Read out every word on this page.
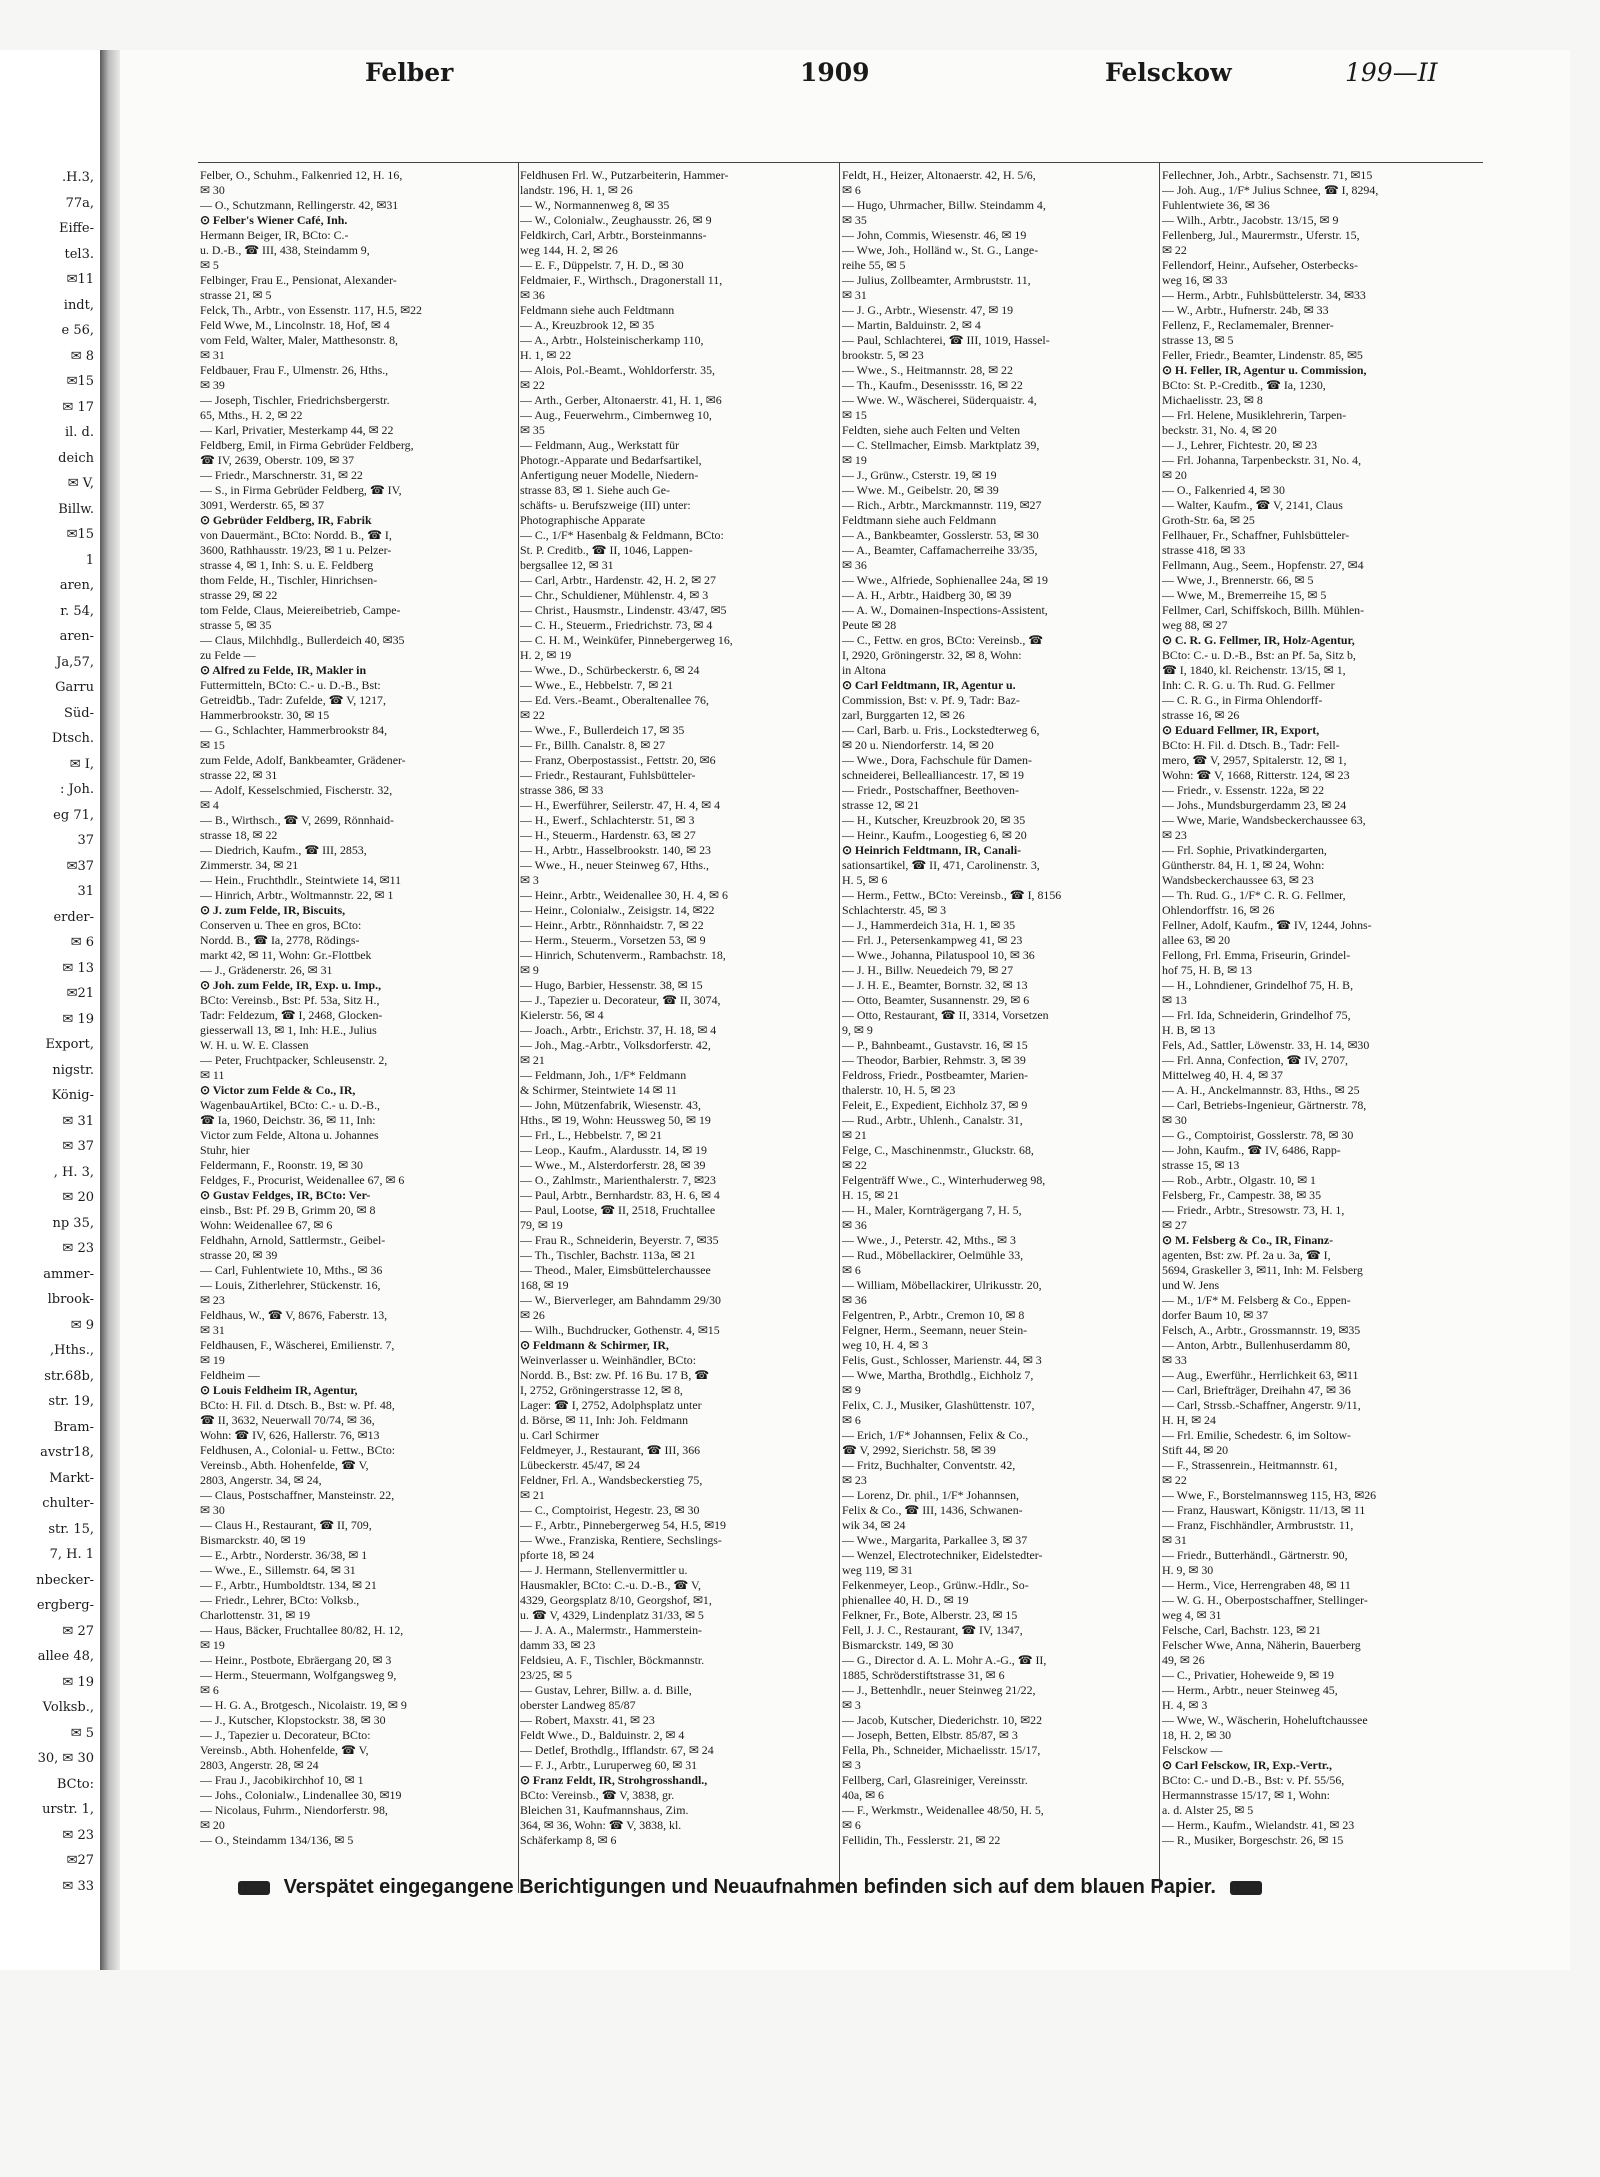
.H.3,
77a,
Eiffe-
tel3.
✉11
indt,
e 56,
✉ 8
✉15
✉ 17
il. d.
deich
✉ V,
Billw.
✉15
1
aren,
r. 54,
aren-
Ja,57,
Garru
Süd-
Dtsch.
✉ I,
: Joh.
eg 71,
37
✉37
31
erder-
✉ 6
✉ 13
✉21
✉ 19
Export,
nigstr.
König-
✉ 31
✉ 37
, H. 3,
✉ 20
np 35,
✉ 23
ammer-
lbrook-
✉ 9
,Hths.,
str.68b,
str. 19,
Bram-
avstr18,
Markt-
chulter-
str. 15,
7, H. 1
nbecker-
ergberg-
✉ 27
allee 48,
✉ 19
Volksb.,
✉ 5
30, ✉ 30
BCto:
urstr. 1,
✉ 23
✉27
✉ 33
Felber	1909	Felsckow	199—II
Felber, O., Schuhm., Falkenried 12, H. 16,
✉ 30
— O., Schutzmann, Rellingerstr. 42, ✉31
⊙ Felber's Wiener Café, Inh.
Hermann Beiger, IR, BCto: C.-
u. D.-B., ☎ III, 438, Steindamm 9,
✉ 5
Felbinger, Frau E., Pensionat, Alexander-
strasse 21, ✉ 5
Felck, Th., Arbtr., von Essenstr. 117, H.5, ✉22
Feld Wwe, M., Lincolnstr. 18, Hof, ✉ 4
vom Feld, Walter, Maler, Matthesonstr. 8,
✉ 31
Feldbauer, Frau F., Ulmenstr. 26, Hths.,
✉ 39
— Joseph, Tischler, Friedrichsbergerstr.
65, Mths., H. 2, ✉ 22
— Karl, Privatier, Mesterkamp 44, ✉ 22
Feldberg, Emil, in Firma Gebrüder Feldberg,
☎ IV, 2639, Oberstr. 109, ✉ 37
— Friedr., Marschnerstr. 31, ✉ 22
— S., in Firma Gebrüder Feldberg, ☎ IV,
3091, Werderstr. 65, ✉ 37
⊙ Gebrüder Feldberg, IR, Fabrik
von Dauermänt., BCto: Nordd. B., ☎ I,
3600, Rathhausstr. 19/23, ✉ 1 u. Pelzer-
strasse 4, ✉ 1, Inh: S. u. E. Feldberg
thom Felde, H., Tischler, Hinrichsen-
strasse 29, ✉ 22
tom Felde, Claus, Meiereibetrieb, Campe-
strasse 5, ✉ 35
— Claus, Milchhdlg., Bullerdeich 40, ✉35
zu Felde —
⊙ Alfred zu Felde, IR, Makler in
Futtermitteln, BCto: C.- u. D.-B., Bst:
Getreidեb., Tadr: Zufelde, ☎ V, 1217,
Hammerbrookstr. 30, ✉ 15
— G., Schlachter, Hammerbrookstr 84,
✉ 15
zum Felde, Adolf, Bankbeamter, Grädener-
strasse 22, ✉ 31
— Adolf, Kesselschmied, Fischerstr. 32,
✉ 4
— B., Wirthsch., ☎ V, 2699, Rönnhaid-
strasse 18, ✉ 22
— Diedrich, Kaufm., ☎ III, 2853,
Zimmerstr. 34, ✉ 21
— Hein., Fruchthdlr., Steintwiete 14, ✉11
— Hinrich, Arbtr., Woltmannstr. 22, ✉ 1
⊙ J. zum Felde, IR, Biscuits,
Conserven u. Thee en gros, BCto:
Nordd. B., ☎ Ia, 2778, Rödings-
markt 42, ✉ 11, Wohn: Gr.-Flottbek
— J., Grädenerstr. 26, ✉ 31
⊙ Joh. zum Felde, IR, Exp. u. Imp.,
BCto: Vereinsb., Bst: Pf. 53a, Sitz H.,
Tadr: Feldezum, ☎ I, 2468, Glocken-
giesserwall 13, ✉ 1, Inh: H.E., Julius
W. H. u. W. E. Classen
— Peter, Fruchtpacker, Schleusenstr. 2,
✉ 11
⊙ Victor zum Felde & Co., IR,
WagenbauArtikel, BCto: C.- u. D.-B.,
☎ Ia, 1960, Deichstr. 36, ✉ 11, Inh:
Victor zum Felde, Altona u. Johannes
Stuhr, hier
Feldermann, F., Roonstr. 19, ✉ 30
Feldges, F., Procurist, Weidenallee 67, ✉ 6
⊙ Gustav Feldges, IR, BCto: Ver-
einsb., Bst: Pf. 29 B, Grimm 20, ✉ 8
Wohn: Weidenallee 67, ✉ 6
Feldhahn, Arnold, Sattlermstr., Geibel-
strasse 20, ✉ 39
— Carl, Fuhlentwiete 10, Mths., ✉ 36
— Louis, Zitherlehrer, Stückenstr. 16,
✉ 23
Feldhaus, W., ☎ V, 8676, Faberstr. 13,
✉ 31
Feldhausen, F., Wäscherei, Emilienstr. 7,
✉ 19
Feldheim —
⊙ Louis Feldheim IR, Agentur,
BCto: H. Fil. d. Dtsch. B., Bst: w. Pf. 48,
☎ II, 3632, Neuerwall 70/74, ✉ 36,
Wohn: ☎ IV, 626, Hallerstr. 76, ✉13
Feldhusen, A., Colonial- u. Fettw., BCto:
Vereinsb., Abth. Hohenfelde, ☎ V,
2803, Angerstr. 34, ✉ 24,
— Claus, Postschaffner, Mansteinstr. 22,
✉ 30
— Claus H., Restaurant, ☎ II, 709,
Bismarckstr. 40, ✉ 19
— E., Arbtr., Norderstr. 36/38, ✉ 1
— Wwe., E., Sillemstr. 64, ✉ 31
— F., Arbtr., Humboldtstr. 134, ✉ 21
— Friedr., Lehrer, BCto: Volksb.,
Charlottenstr. 31, ✉ 19
— Haus, Bäcker, Fruchtallee 80/82, H. 12,
✉ 19
— Heinr., Postbote, Ebräergang 20, ✉ 3
— Herm., Steuermann, Wolfgangsweg 9,
✉ 6
— H. G. A., Brotgesch., Nicolaistr. 19, ✉ 9
— J., Kutscher, Klopstockstr. 38, ✉ 30
— J., Tapezier u. Decorateur, BCto:
Vereinsb., Abth. Hohenfelde, ☎ V,
2803, Angerstr. 28, ✉ 24
— Frau J., Jacobikirchhof 10, ✉ 1
— Johs., Colonialw., Lindenallee 30, ✉19
— Nicolaus, Fuhrm., Niendorferstr. 98,
✉ 20
— O., Steindamm 134/136, ✉ 5
Feldhusen Frl. W., Putzarbeiterin, Hammer-
landstr. 196, H. 1, ✉ 26
— W., Normannenweg 8, ✉ 35
— W., Colonialw., Zeughausstr. 26, ✉ 9
Feldkirch, Carl, Arbtr., Borsteinmanns-
weg 144, H. 2, ✉ 26
— E. F., Düppelstr. 7, H. D., ✉ 30
Feldmaier, F., Wirthsch., Dragonerstall 11,
✉ 36
Feldmann siehe auch Feldtmann
— A., Kreuzbrook 12, ✉ 35
— A., Arbtr., Holsteinischerkamp 110,
H. 1, ✉ 22
— Alois, Pol.-Beamt., Wohldorferstr. 35,
✉ 22
— Arth., Gerber, Altonaerstr. 41, H. 1, ✉6
— Aug., Feuerwehrm., Cimbernweg 10,
✉ 35
— Feldmann, Aug., Werkstatt für
Photogr.-Apparate und Bedarfsartikel,
Anfertigung neuer Modelle, Niedern-
strasse 83, ✉ 1. Siehe auch Ge-
schäfts- u. Berufszweige (III) unter:
Photographische Apparate
— C., 1/F* Hasenbalg & Feldmann, BCto:
St. P. Creditb., ☎ II, 1046, Lappen-
bergsallee 12, ✉ 31
— Carl, Arbtr., Hardenstr. 42, H. 2, ✉ 27
— Chr., Schuldiener, Mühlenstr. 4, ✉ 3
— Christ., Hausmstr., Lindenstr. 43/47, ✉5
— C. H., Steuerm., Friedrichstr. 73, ✉ 4
— C. H. M., Weinküfer, Pinnebergerweg 16,
H. 2, ✉ 19
— Wwe., D., Schürbeckerstr. 6, ✉ 24
— Wwe., E., Hebbelstr. 7, ✉ 21
— Ed. Vers.-Beamt., Oberaltenallee 76,
✉ 22
— Wwe., F., Bullerdeich 17, ✉ 35
— Fr., Billh. Canalstr. 8, ✉ 27
— Franz, Oberpostassist., Fettstr. 20, ✉6
— Friedr., Restaurant, Fuhlsbütteler-
strasse 386, ✉ 33
— H., Ewerführer, Seilerstr. 47, H. 4, ✉ 4
— H., Ewerf., Schlachterstr. 51, ✉ 3
— H., Steuerm., Hardenstr. 63, ✉ 27
— H., Arbtr., Hasselbrookstr. 140, ✉ 23
— Wwe., H., neuer Steinweg 67, Hths.,
✉ 3
— Heinr., Arbtr., Weidenallee 30, H. 4, ✉ 6
— Heinr., Colonialw., Zeisigstr. 14, ✉22
— Heinr., Arbtr., Rönnhaidstr. 7, ✉ 22
— Herm., Steuerm., Vorsetzen 53, ✉ 9
— Hinrich, Schutenverm., Rambachstr. 18,
✉ 9
— Hugo, Barbier, Hessenstr. 38, ✉ 15
— J., Tapezier u. Decorateur, ☎ II, 3074,
Kielerstr. 56, ✉ 4
— Joach., Arbtr., Erichstr. 37, H. 18, ✉ 4
— Joh., Mag.-Arbtr., Volksdorferstr. 42,
✉ 21
— Feldmann, Joh., 1/F* Feldmann
& Schirmer, Steintwiete 14 ✉ 11
— John, Mützenfabrik, Wiesenstr. 43,
Hths., ✉ 19, Wohn: Heussweg 50, ✉ 19
— Frl., L., Hebbelstr. 7, ✉ 21
— Leop., Kaufm., Alardusstr. 14, ✉ 19
— Wwe., M., Alsterdorferstr. 28, ✉ 39
— O., Zahlmstr., Marienthalerstr. 7, ✉23
— Paul, Arbtr., Bernhardstr. 83, H. 6, ✉ 4
— Paul, Lootse, ☎ II, 2518, Fruchtallee
79, ✉ 19
— Frau R., Schneiderin, Beyerstr. 7, ✉35
— Th., Tischler, Bachstr. 113a, ✉ 21
— Theod., Maler, Eimsbüttelerchaussee
168, ✉ 19
— W., Bierverleger, am Bahndamm 29/30
✉ 26
— Wilh., Buchdrucker, Gothenstr. 4, ✉15
⊙ Feldmann & Schirmer, IR,
Weinverlasser u. Weinhändler, BCto:
Nordd. B., Bst: zw. Pf. 16 Bu. 17 B, ☎
I, 2752, Gröningerstrasse 12, ✉ 8,
Lager: ☎ I, 2752, Adolphsplatz unter
d. Börse, ✉ 11, Inh: Joh. Feldmann
u. Carl Schirmer
Feldmeyer, J., Restaurant, ☎ III, 366
Lübeckerstr. 45/47, ✉ 24
Feldner, Frl. A., Wandsbeckerstieg 75,
✉ 21
— C., Comptoirist, Hegestr. 23, ✉ 30
— F., Arbtr., Pinnebergerweg 54, H.5, ✉19
— Wwe., Franziska, Rentiere, Sechslings-
pforte 18, ✉ 24
— J. Hermann, Stellenvermittler u.
Hausmakler, BCto: C.-u. D.-B., ☎ V,
4329, Georgsplatz 8/10, Georgshof, ✉1,
u. ☎ V, 4329, Lindenplatz 31/33, ✉ 5
— J. A. A., Malermstr., Hammerstein-
damm 33, ✉ 23
Feldsieu, A. F., Tischler, Böckmannstr.
23/25, ✉ 5
— Gustav, Lehrer, Billw. a. d. Bille,
oberster Landweg 85/87
— Robert, Maxstr. 41, ✉ 23
Feldt Wwe., D., Balduinstr. 2, ✉ 4
— Detlef, Brothdlg., Ifflandstr. 67, ✉ 24
— F. J., Arbtr., Luruperweg 60, ✉ 31
⊙ Franz Feldt, IR, Strohgrosshandl.,
BCto: Vereinsb., ☎ V, 3838, gr.
Bleichen 31, Kaufmannshaus, Zim.
364, ✉ 36, Wohn: ☎ V, 3838, kl.
Schäferkamp 8, ✉ 6
Feldt, H., Heizer, Altonaerstr. 42, H. 5/6,
✉ 6
— Hugo, Uhrmacher, Billw. Steindamm 4,
✉ 35
— John, Commis, Wiesenstr. 46, ✉ 19
— Wwe, Joh., Holländ w., St. G., Lange-
reihe 55, ✉ 5
— Julius, Zollbeamter, Armbruststr. 11,
✉ 31
— J. G., Arbtr., Wiesenstr. 47, ✉ 19
— Martin, Balduinstr. 2, ✉ 4
— Paul, Schlachterei, ☎ III, 1019, Hassel-
brookstr. 5, ✉ 23
— Wwe., S., Heitmannstr. 28, ✉ 22
— Th., Kaufm., Desenissstr. 16, ✉ 22
— Wwe. W., Wäscherei, Süderquaistr. 4,
✉ 15
Feldten, siehe auch Felten und Velten
— C. Stellmacher, Eimsb. Marktplatz 39,
✉ 19
— J., Grünw., Csterstr. 19, ✉ 19
— Wwe. M., Geibelstr. 20, ✉ 39
— Rich., Arbtr., Marckmannstr. 119, ✉27
Feldtmann siehe auch Feldmann
— A., Bankbeamter, Gosslerstr. 53, ✉ 30
— A., Beamter, Caffamacherreihe 33/35,
✉ 36
— Wwe., Alfriede, Sophienallee 24a, ✉ 19
— A. H., Arbtr., Haidberg 30, ✉ 39
— A. W., Domainen-Inspections-Assistent,
Peute ✉ 28
— C., Fettw. en gros, BCto: Vereinsb., ☎
I, 2920, Gröningerstr. 32, ✉ 8, Wohn:
in Altona
⊙ Carl Feldtmann, IR, Agentur u.
Commission, Bst: v. Pf. 9, Tadr: Baz-
zarl, Burggarten 12, ✉ 26
— Carl, Barb. u. Fris., Lockstedterweg 6,
✉ 20 u. Niendorferstr. 14, ✉ 20
— Wwe., Dora, Fachschule für Damen-
schneiderei, Bellealliancestr. 17, ✉ 19
— Friedr., Postschaffner, Beethoven-
strasse 12, ✉ 21
— H., Kutscher, Kreuzbrook 20, ✉ 35
— Heinr., Kaufm., Loogestieg 6, ✉ 20
⊙ Heinrich Feldtmann, IR, Canali-
sationsartikel, ☎ II, 471, Carolinenstr. 3,
H. 5, ✉ 6
— Herm., Fettw., BCto: Vereinsb., ☎ I, 8156
Schlachterstr. 45, ✉ 3
— J., Hammerdeich 31a, H. 1, ✉ 35
— Frl. J., Petersenkampweg 41, ✉ 23
— Wwe., Johanna, Pilatuspool 10, ✉ 36
— J. H., Billw. Neuedeich 79, ✉ 27
— J. H. E., Beamter, Bornstr. 32, ✉ 13
— Otto, Beamter, Susannenstr. 29, ✉ 6
— Otto, Restaurant, ☎ II, 3314, Vorsetzen
9, ✉ 9
— P., Bahnbeamt., Gustavstr. 16, ✉ 15
— Theodor, Barbier, Rehmstr. 3, ✉ 39
Feldross, Friedr., Postbeamter, Marien-
thalerstr. 10, H. 5, ✉ 23
Feleit, E., Expedient, Eichholz 37, ✉ 9
— Rud., Arbtr., Uhlenh., Canalstr. 31,
✉ 21
Felge, C., Maschinenmstr., Gluckstr. 68,
✉ 22
Felgenträff Wwe., C., Winterhuderweg 98,
H. 15, ✉ 21
— H., Maler, Kornträgergang 7, H. 5,
✉ 36
— Wwe., J., Peterstr. 42, Mths., ✉ 3
— Rud., Möbellackirer, Oelmühle 33,
✉ 6
— William, Möbellackirer, Ulrikusstr. 20,
✉ 36
Felgentren, P., Arbtr., Cremon 10, ✉ 8
Felgner, Herm., Seemann, neuer Stein-
weg 10, H. 4, ✉ 3
Felis, Gust., Schlosser, Marienstr. 44, ✉ 3
— Wwe, Martha, Brothdlg., Eichholz 7,
✉ 9
Felix, C. J., Musiker, Glashüttenstr. 107,
✉ 6
— Erich, 1/F* Johannsen, Felix & Co.,
☎ V, 2992, Sierichstr. 58, ✉ 39
— Fritz, Buchhalter, Conventstr. 42,
✉ 23
— Lorenz, Dr. phil., 1/F* Johannsen,
Felix & Co., ☎ III, 1436, Schwanen-
wik 34, ✉ 24
— Wwe., Margarita, Parkallee 3, ✉ 37
— Wenzel, Electrotechniker, Eidelstedter-
weg 119, ✉ 31
Felkenmeyer, Leop., Grünw.-Hdlr., So-
phienallee 40, H. D., ✉ 19
Felkner, Fr., Bote, Alberstr. 23, ✉ 15
Fell, J. J. C., Restaurant, ☎ IV, 1347,
Bismarckstr. 149, ✉ 30
— G., Director d. A. L. Mohr A.-G., ☎ II,
1885, Schröderstiftstrasse 31, ✉ 6
— J., Bettenhdlr., neuer Steinweg 21/22,
✉ 3
— Jacob, Kutscher, Diederichstr. 10, ✉22
— Joseph, Betten, Elbstr. 85/87, ✉ 3
Fella, Ph., Schneider, Michaelisstr. 15/17,
✉ 3
Fellberg, Carl, Glasreiniger, Vereinsstr.
40a, ✉ 6
— F., Werkmstr., Weidenallee 48/50, H. 5,
✉ 6
Fellidin, Th., Fesslerstr. 21, ✉ 22
Fellechner, Joh., Arbtr., Sachsenstr. 71, ✉15
— Joh. Aug., 1/F* Julius Schnee, ☎ I, 8294,
Fuhlentwiete 36, ✉ 36
— Wilh., Arbtr., Jacobstr. 13/15, ✉ 9
Fellenberg, Jul., Maurermstr., Uferstr. 15,
✉ 22
Fellendorf, Heinr., Aufseher, Osterbecks-
weg 16, ✉ 33
— Herm., Arbtr., Fuhlsbüttelerstr. 34, ✉33
— W., Arbtr., Hufnerstr. 24b, ✉ 33
Fellenz, F., Reclamemaler, Brenner-
strasse 13, ✉ 5
Feller, Friedr., Beamter, Lindenstr. 85, ✉5
⊙ H. Feller, IR, Agentur u. Commission,
BCto: St. P.-Creditb., ☎ Ia, 1230,
Michaelisstr. 23, ✉ 8
— Frl. Helene, Musiklehrerin, Tarpen-
beckstr. 31, No. 4, ✉ 20
— J., Lehrer, Fichtestr. 20, ✉ 23
— Frl. Johanna, Tarpenbeckstr. 31, No. 4,
✉ 20
— O., Falkenried 4, ✉ 30
— Walter, Kaufm., ☎ V, 2141, Claus
Groth-Str. 6a, ✉ 25
Fellhauer, Fr., Schaffner, Fuhlsbütteler-
strasse 418, ✉ 33
Fellmann, Aug., Seem., Hopfenstr. 27, ✉4
— Wwe, J., Brennerstr. 66, ✉ 5
— Wwe, M., Bremerreihe 15, ✉ 5
Fellmer, Carl, Schiffskoch, Billh. Mühlen-
weg 88, ✉ 27
⊙ C. R. G. Fellmer, IR, Holz-Agentur,
BCto: C.- u. D.-B., Bst: an Pf. 5a, Sitz b,
☎ I, 1840, kl. Reichenstr. 13/15, ✉ 1,
Inh: C. R. G. u. Th. Rud. G. Fellmer
— C. R. G., in Firma Ohlendorff-
strasse 16, ✉ 26
⊙ Eduard Fellmer, IR, Export,
BCto: H. Fil. d. Dtsch. B., Tadr: Fell-
mero, ☎ V, 2957, Spitalerstr. 12, ✉ 1,
Wohn: ☎ V, 1668, Ritterstr. 124, ✉ 23
— Friedr., v. Essenstr. 122a, ✉ 22
— Johs., Mundsburgerdamm 23, ✉ 24
— Wwe, Marie, Wandsbeckerchaussee 63,
✉ 23
— Frl. Sophie, Privatkindergarten,
Güntherstr. 84, H. 1, ✉ 24, Wohn:
Wandsbeckerchaussee 63, ✉ 23
— Th. Rud. G., 1/F* C. R. G. Fellmer,
Ohlendorffstr. 16, ✉ 26
Fellner, Adolf, Kaufm., ☎ IV, 1244, Johns-
allee 63, ✉ 20
Fellong, Frl. Emma, Friseurin, Grindel-
hof 75, H. B, ✉ 13
— H., Lohndiener, Grindelhof 75, H. B,
✉ 13
— Frl. Ida, Schneiderin, Grindelhof 75,
H. B, ✉ 13
Fels, Ad., Sattler, Löwenstr. 33, H. 14, ✉30
— Frl. Anna, Confection, ☎ IV, 2707,
Mittelweg 40, H. 4, ✉ 37
— A. H., Anckelmannstr. 83, Hths., ✉ 25
— Carl, Betriebs-Ingenieur, Gärtnerstr. 78,
✉ 30
— G., Comptoirist, Gosslerstr. 78, ✉ 30
— John, Kaufm., ☎ IV, 6486, Rapp-
strasse 15, ✉ 13
— Rob., Arbtr., Olgastr. 10, ✉ 1
Felsberg, Fr., Campestr. 38, ✉ 35
— Friedr., Arbtr., Stresowstr. 73, H. 1,
✉ 27
⊙ M. Felsberg & Co., IR, Finanz-
agenten, Bst: zw. Pf. 2a u. 3a, ☎ I,
5694, Graskeller 3, ✉11, Inh: M. Felsberg
und W. Jens
— M., 1/F* M. Felsberg & Co., Eppen-
dorfer Baum 10, ✉ 37
Felsch, A., Arbtr., Grossmannstr. 19, ✉35
— Anton, Arbtr., Bullenhuserdamm 80,
✉ 33
— Aug., Ewerführ., Herrlichkeit 63, ✉11
— Carl, Briefträger, Dreihahn 47, ✉ 36
— Carl, Strssb.-Schaffner, Angerstr. 9/11,
H. H, ✉ 24
— Frl. Emilie, Schedestr. 6, im Soltow-
Stift 44, ✉ 20
— F., Strassenrein., Heitmannstr. 61,
✉ 22
— Wwe, F., Borstelmannsweg 115, H3, ✉26
— Franz, Hauswart, Königstr. 11/13, ✉ 11
— Franz, Fischhändler, Armbruststr. 11,
✉ 31
— Friedr., Butterhändl., Gärtnerstr. 90,
H. 9, ✉ 30
— Herm., Vice, Herrengraben 48, ✉ 11
— W. G. H., Oberpostschaffner, Stellinger-
weg 4, ✉ 31
Felsche, Carl, Bachstr. 123, ✉ 21
Felscher Wwe, Anna, Näherin, Bauerberg
49, ✉ 26
— C., Privatier, Hoheweide 9, ✉ 19
— Herm., Arbtr., neuer Steinweg 45,
H. 4, ✉ 3
— Wwe, W., Wäscherin, Hoheluftchaussee
18, H. 2, ✉ 30
Felsckow —
⊙ Carl Felsckow, IR, Exp.-Vertr.,
BCto: C.- und D.-B., Bst: v. Pf. 55/56,
Hermannstrasse 15/17, ✉ 1, Wohn:
a. d. Alster 25, ✉ 5
— Herm., Kaufm., Wielandstr. 41, ✉ 23
— R., Musiker, Borgeschstr. 26, ✉ 15
Verspätet eingegangene Berichtigungen und Neuaufnahmen befinden sich auf dem blauen Papier.
